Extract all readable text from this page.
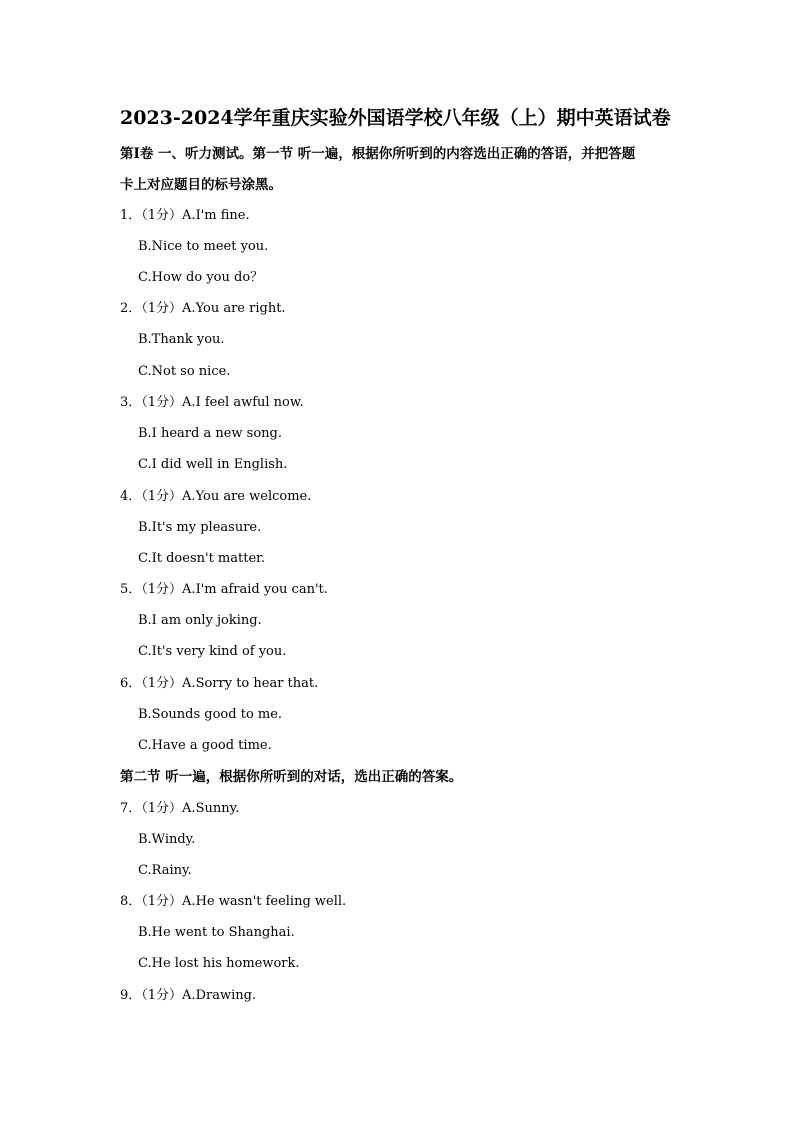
2023-2024学年重庆实验外国语学校八年级（上）期中英语试卷
第Ⅰ卷 一、听力测试。第一节 听一遍，根据你所听到的内容选出正确的答语，并把答题
卡上对应题目的标号涂黑。
1．（1分）A.I'm fine.
B.Nice to meet you.
C.How do you do？
2．（1分）A.You are right.
B.Thank you.
C.Not so nice.
3．（1分）A.I feel awful now.
B.I heard a new song.
C.I did well in English.
4．（1分）A.You are welcome.
B.It's my pleasure.
C.It doesn't matter.
5．（1分）A.I'm afraid you can't.
B.I am only joking.
C.It's very kind of you.
6．（1分）A.Sorry to hear that.
B.Sounds good to me.
C.Have a good time.
第二节 听一遍，根据你所听到的对话，选出正确的答案。
7．（1分）A.Sunny.
B.Windy.
C.Rainy.
8．（1分）A.He wasn't feeling well.
B.He went to Shanghai.
C.He lost his homework.
9．（1分）A.Drawing.
